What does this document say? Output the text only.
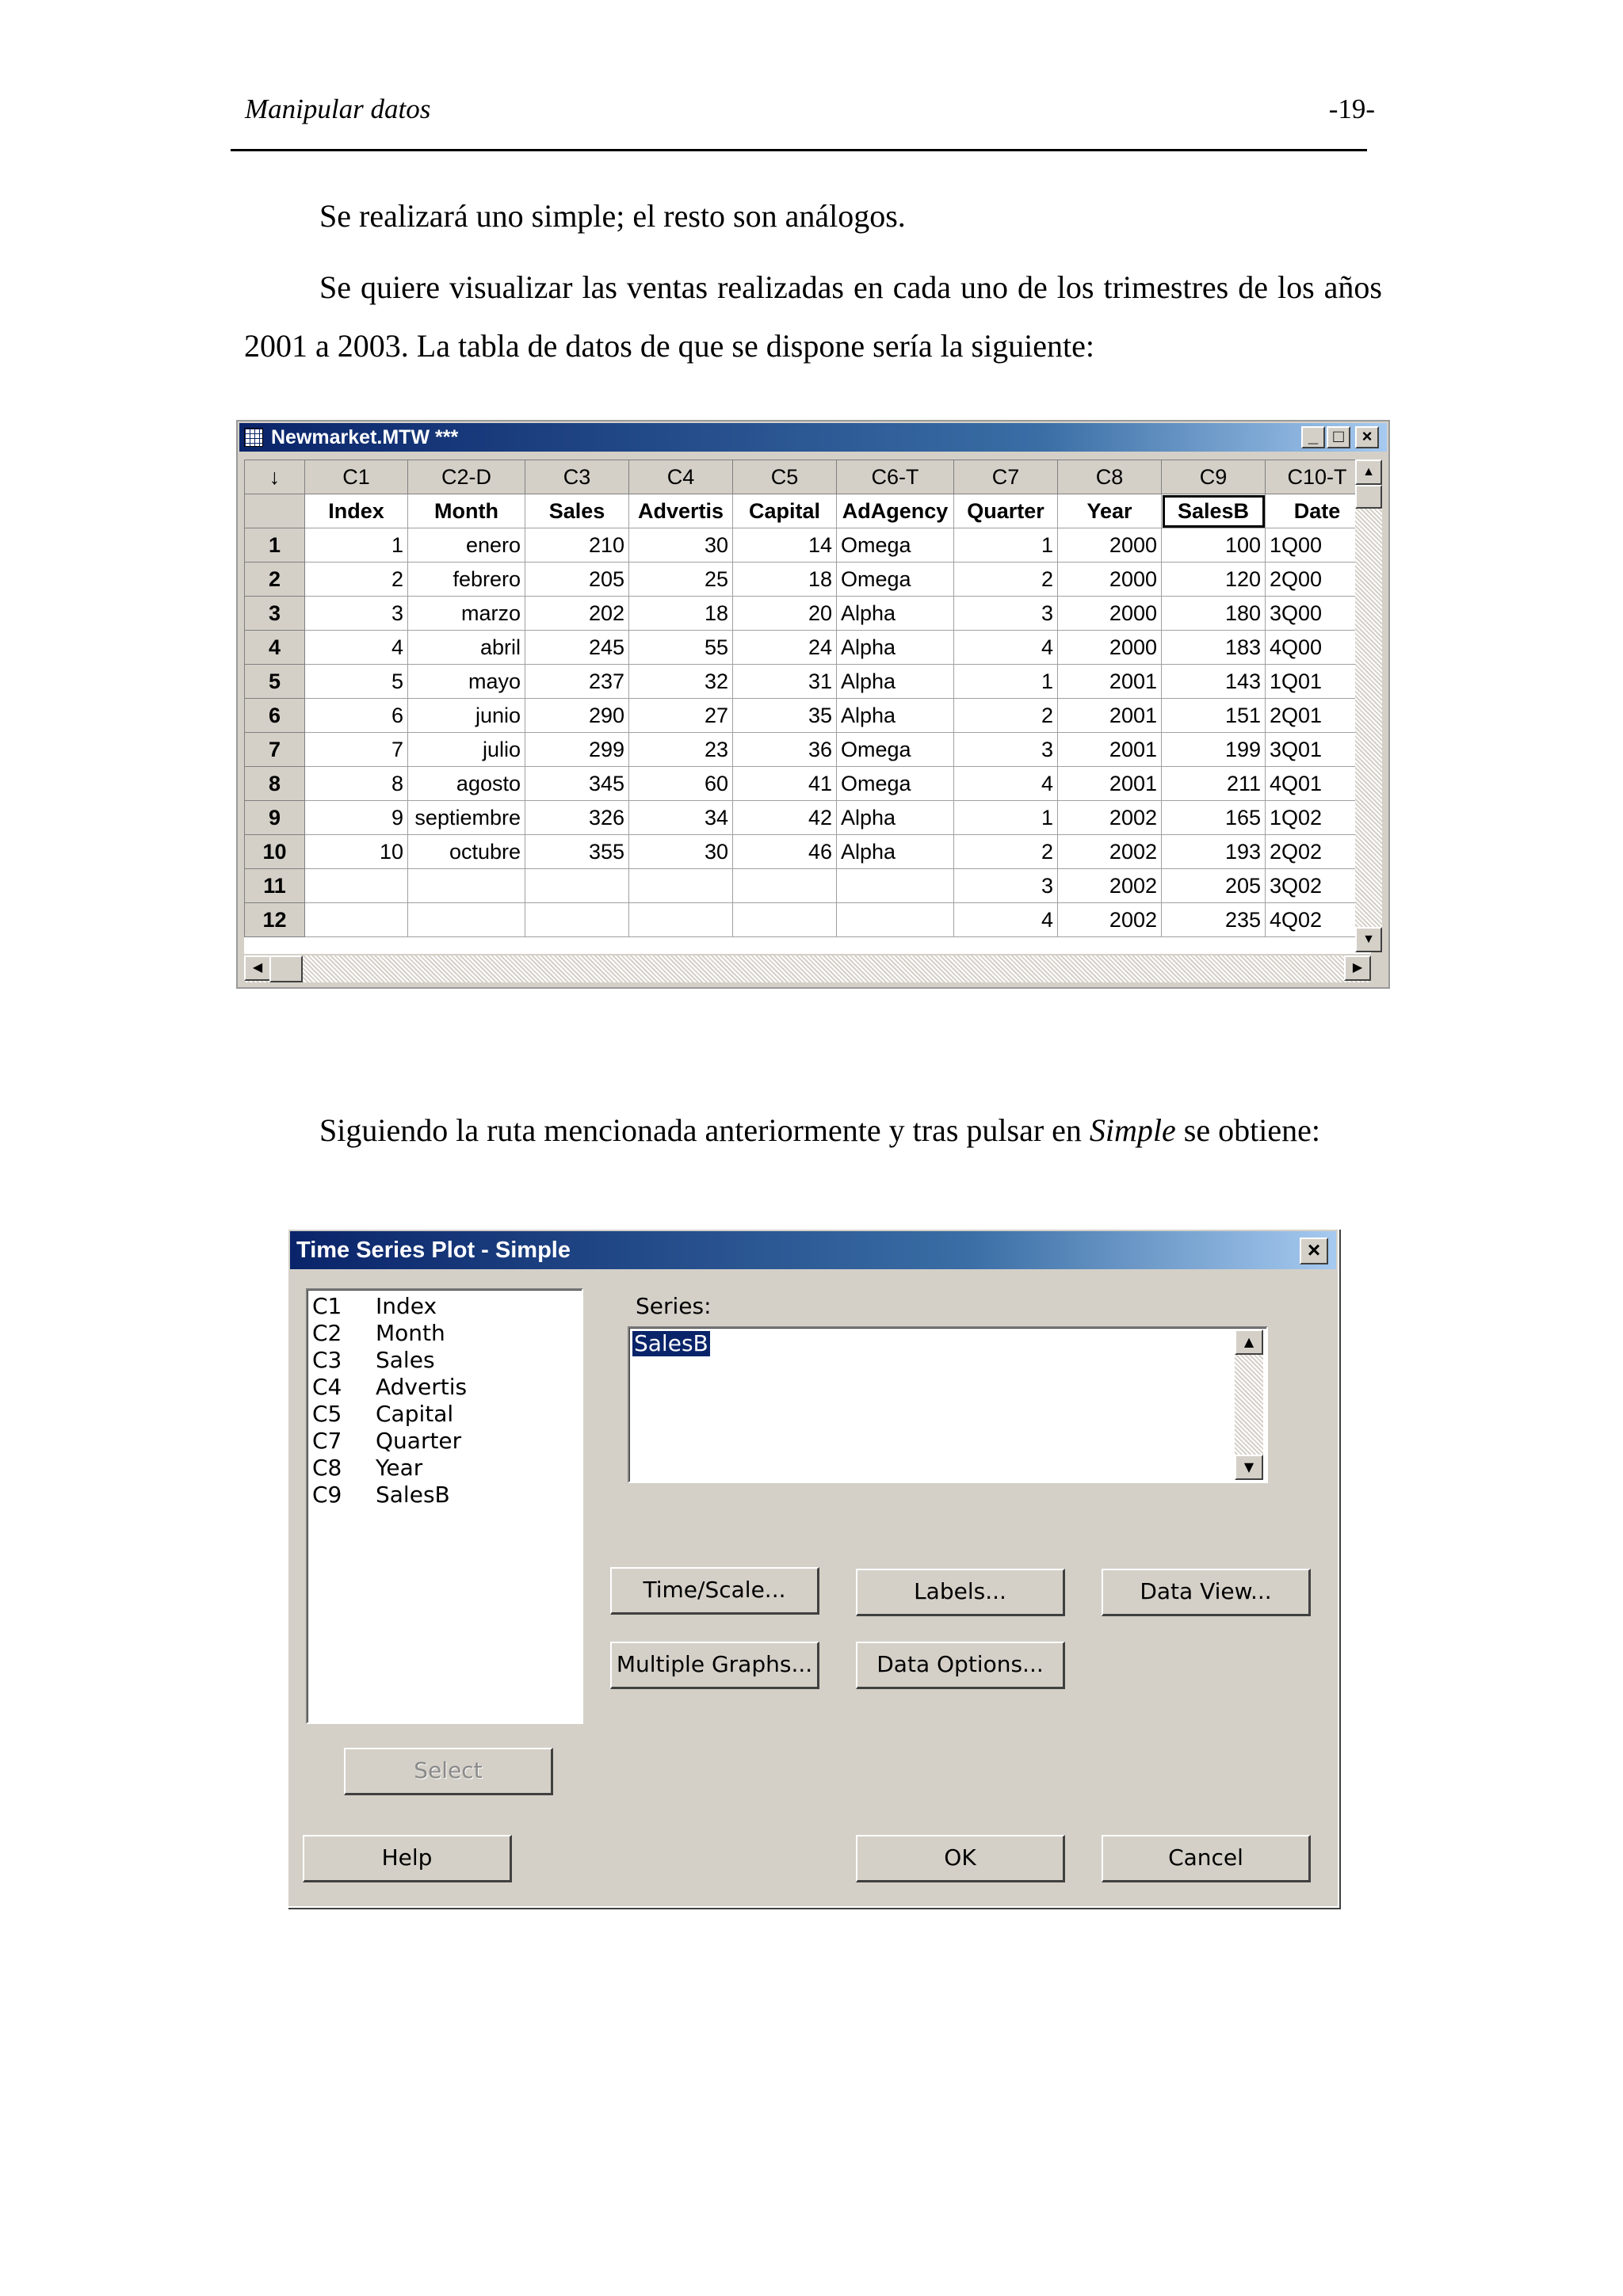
Manipular datos	-19-
Se realizará uno simple; el resto son análogos.
Se quiere visualizar las ventas realizadas en cada uno de los trimestres de los años 2001 a 2003. La tabla de datos de que se dispone sería la siguiente:
Newmarket.MTW ***	_ □	×
↓	C1	C2-D	C3	C4	C5	C6-T	C7	C8	C9	C10-T
	Index	Month	Sales	Advertis	Capital	AdAgency	Quarter	Year	SalesB	Date
1	1	enero	210	30	14	Omega	1	2000	100	1Q00
2	2	febrero	205	25	18	Omega	2	2000	120	2Q00
3	3	marzo	202	18	20	Alpha	3	2000	180	3Q00
4	4	abril	245	55	24	Alpha	4	2000	183	4Q00
5	5	mayo	237	32	31	Alpha	1	2001	143	1Q01
6	6	junio	290	27	35	Alpha	2	2001	151	2Q01
7	7	julio	299	23	36	Omega	3	2001	199	3Q01
8	8	agosto	345	60	41	Omega	4	2001	211	4Q01
9	9	septiembre	326	34	42	Alpha	1	2002	165	1Q02
10	10	octubre	355	30	46	Alpha	2	2002	193	2Q02
11							3	2002	205	3Q02
12							4	2002	235	4Q02
▲
▼
◀	▶
Siguiendo la ruta mencionada anteriormente y tras pulsar en Simple se obtiene:
Time Series Plot - Simple	×
C1 Index
C2 Month
C3 Sales
C4 Advertis
C5 Capital
C7 Quarter
C8 Year
C9 SalesB
Series:
SalesB	▲
▼
Time/Scale...	Labels...	Data View...
Multiple Graphs...	Data Options...
Select
Help	OK	Cancel
